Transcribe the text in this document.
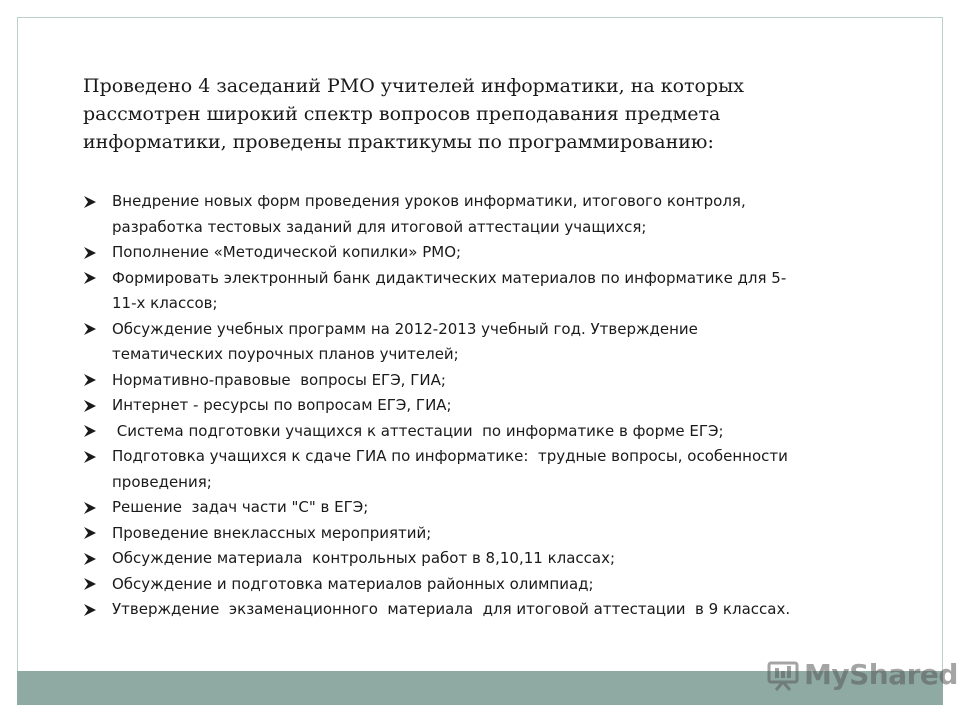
Проведено 4 заседаний РМО учителей информатики, на которых
рассмотрен широкий спектр вопросов преподавания предмета
информатики, проведены практикумы по программированию:

Внедрение новых форм проведения уроков информатики, итогового контроля,
разработка тестовых заданий для итоговой аттестации учащихся;
Пополнение «Методической копилки» РМО;
Формировать электронный банк дидактических материалов по информатике для 5-
11-х классов;
Обсуждение учебных программ на 2012-2013 учебный год. Утверждение
тематических поурочных планов учителей;
Нормативно-правовые  вопросы ЕГЭ, ГИА;
Интернет - ресурсы по вопросам ЕГЭ, ГИА;
Система подготовки учащихся к аттестации  по информатике в форме ЕГЭ;
Подготовка учащихся к сдаче ГИА по информатике:  трудные вопросы, особенности
проведения;
Решение  задач части "С" в ЕГЭ;
Проведение внеклассных мероприятий;
Обсуждение материала  контрольных работ в 8,10,11 классах;
Обсуждение и подготовка материалов районных олимпиад;
Утверждение  экзаменационного  материала  для итоговой аттестации  в 9 классах.
MyShared
